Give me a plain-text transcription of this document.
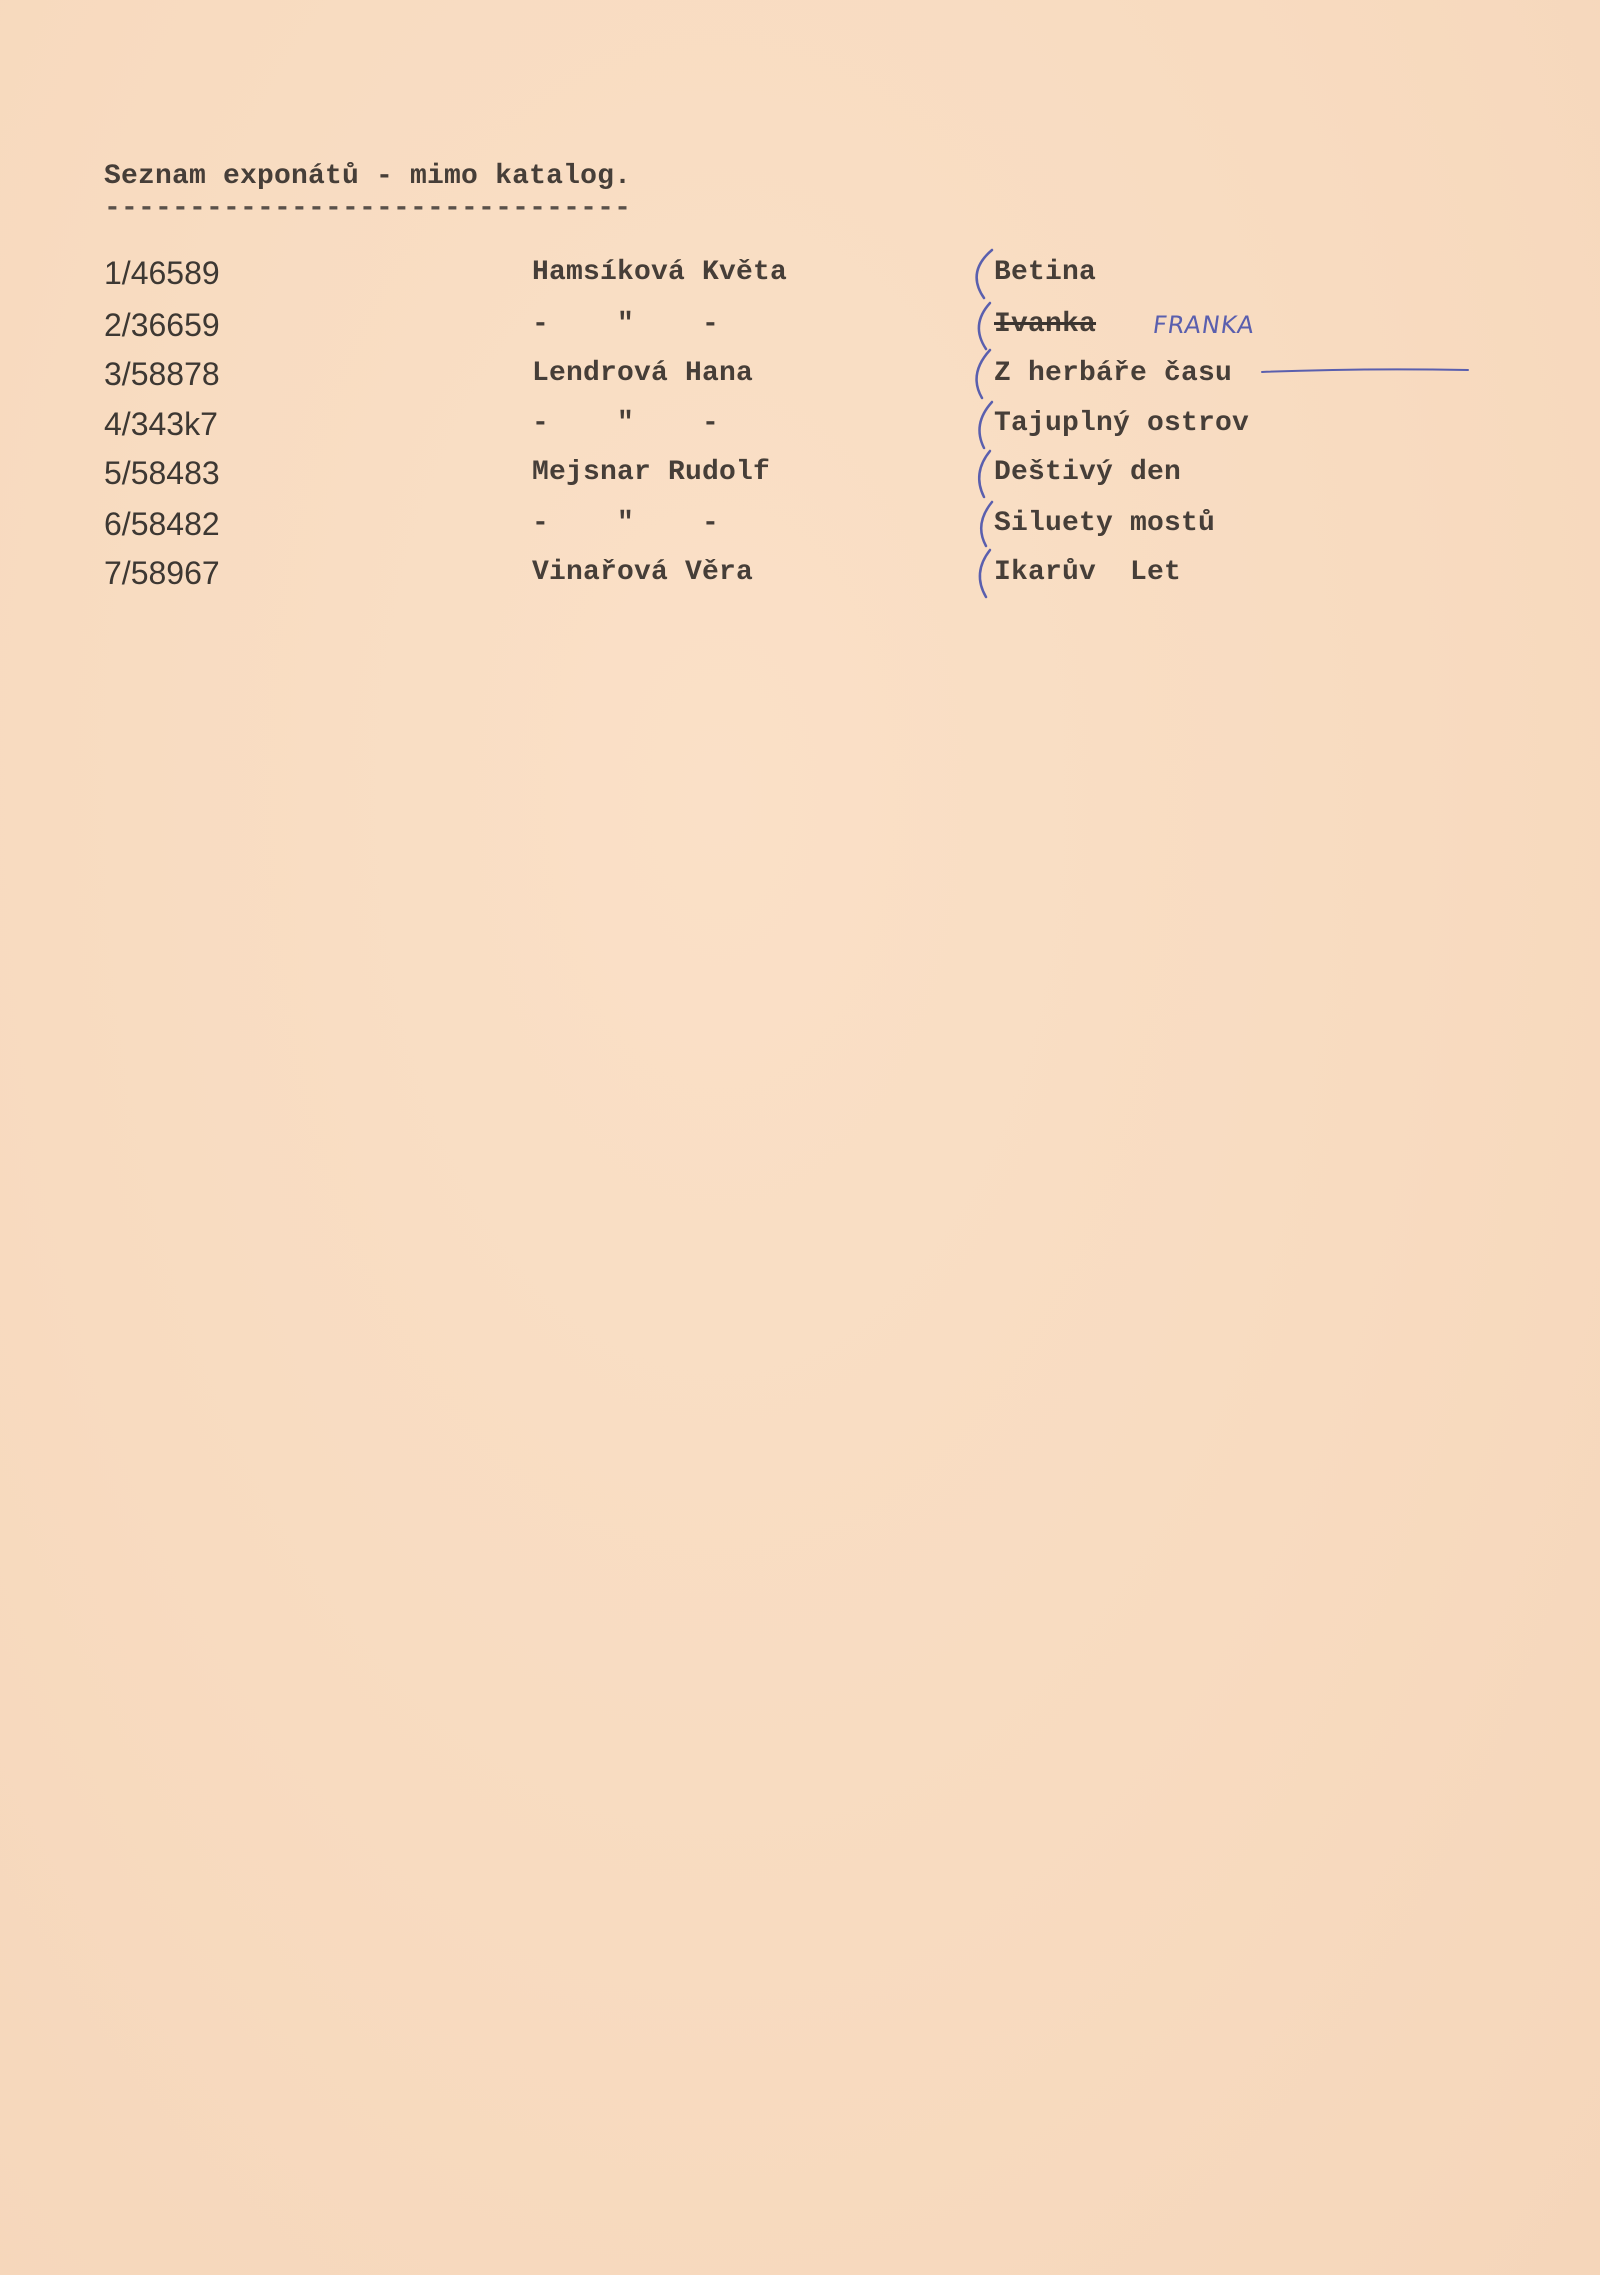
Seznam exponátů - mimo katalog.
-------------------------------
1/46589	Hamsíková Květa	Betina
2/36659	-    "    -	Ivanka FRANKA
3/58878	Lendrová Hana	Z herbáře času
4/343k7	-    "    -	Tajuplný ostrov
5/58483	Mejsnar Rudolf	Deštivý den
6/58482	-    "    -	Siluety mostů
7/58967	Vinařová Věra	Ikarův  Let
